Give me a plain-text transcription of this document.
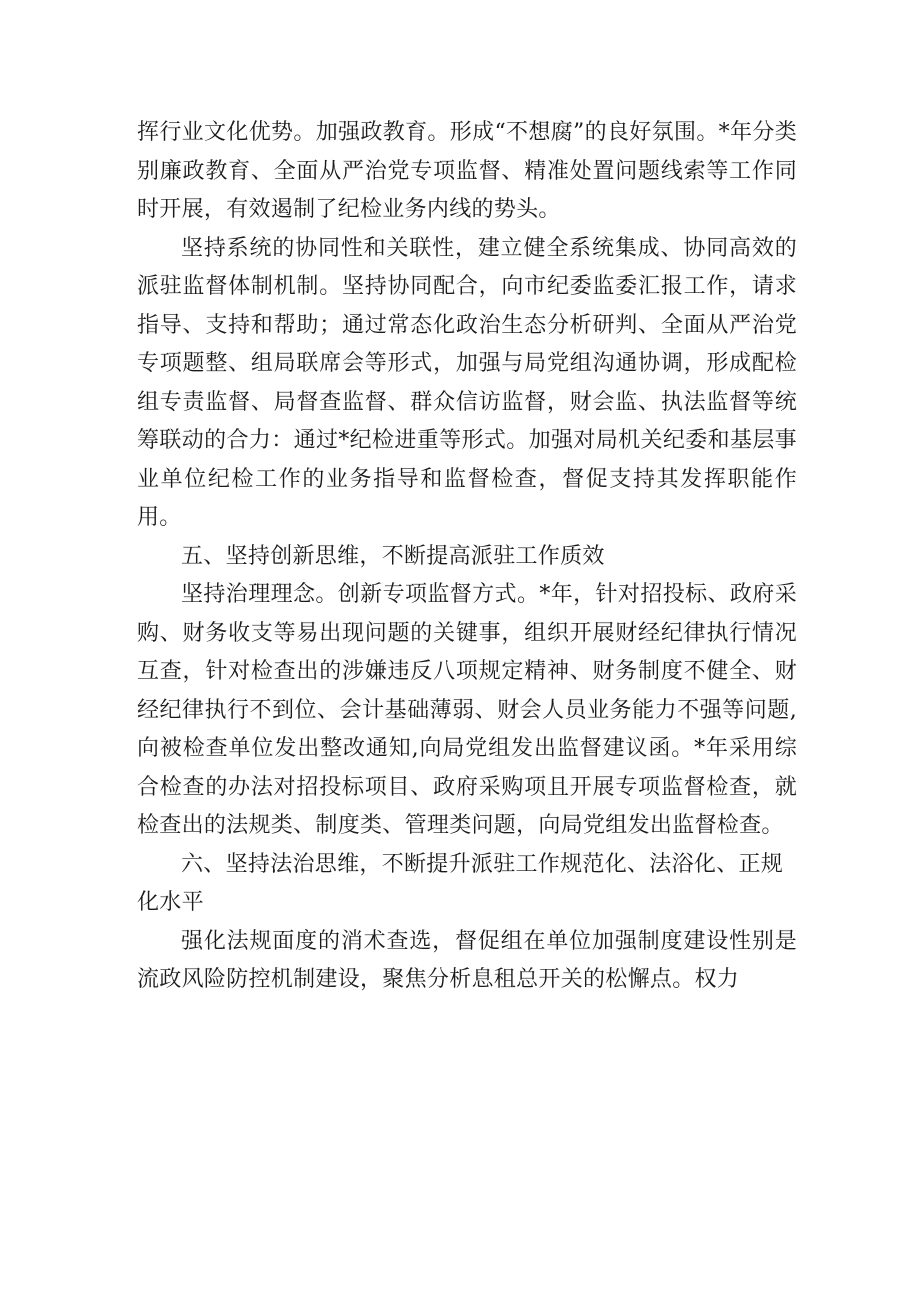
挥行业文化优势。加强政教育。形成“不想腐”的良好氛围。*年分类别廉政教育、全面从严治党专项监督、精准处置问题线索等工作同时开展，有效遏制了纪检业务内线的势头。

坚持系统的协同性和关联性，建立健全系统集成、协同高效的派驻监督体制机制。坚持协同配合，向市纪委监委汇报工作，请求指导、支持和帮助；通过常态化政治生态分析研判、全面从严治党专项题整、组局联席会等形式，加强与局党组沟通协调，形成配检组专责监督、局督查监督、群众信访监督，财会监、执法监督等统筹联动的合力：通过*纪检进重等形式。加强对局机关纪委和基层事业单位纪检工作的业务指导和监督检查，督促支持其发挥职能作用。

五、坚持创新思维，不断提高派驻工作质效

坚持治理理念。创新专项监督方式。*年，针对招投标、政府采购、财务收支等易出现问题的关键事，组织开展财经纪律执行情况互查，针对检查出的涉嫌违反八项规定精神、财务制度不健全、财经纪律执行不到位、会计基础薄弱、财会人员业务能力不强等问题,向被检查单位发出整改通知,向局党组发出监督建议函。*年采用综合检查的办法对招投标项目、政府采购项且开展专项监督检查，就检查出的法规类、制度类、管理类问题，向局党组发出监督检查。

六、坚持法治思维，不断提升派驻工作规范化、法浴化、正规化水平

强化法规面度的消术查选，督促组在单位加强制度建设性别是流政风险防控机制建设，聚焦分析息租总开关的松懈点。权力
